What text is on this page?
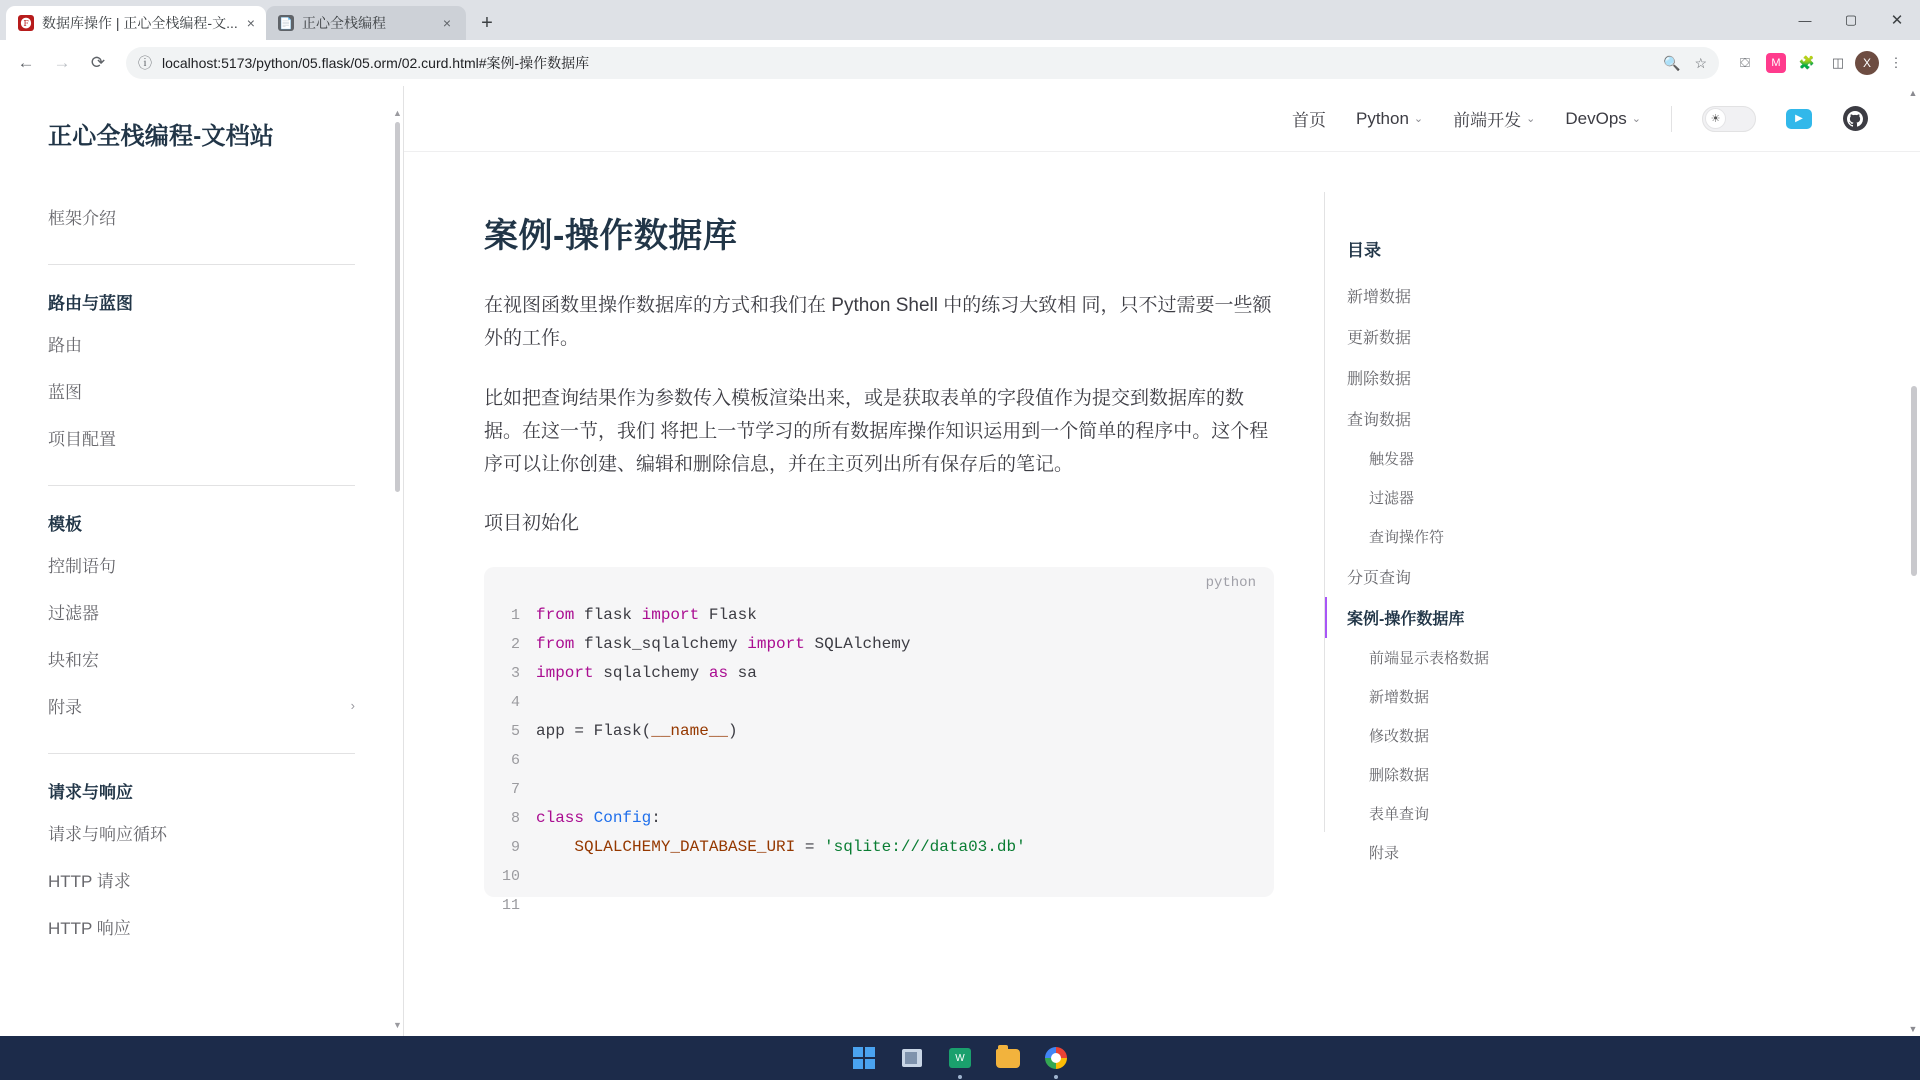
🅕 数据库操作 | 正心全栈编程-文... × 📄 正心全栈编程	×	+	—	▢	✕
←	→	⟳	ⓘ localhost:5173/python/05.flask/05.orm/02.curd.html#案例-操作数据库	🔍 ☆	⛋	M	🧩	◫	X	⋮
正心全栈编程-文档站
框架介绍
路由与蓝图
路由
蓝图
项目配置
模板
控制语句
过滤器
块和宏
附录	›
请求与响应
请求与响应循环
HTTP 请求
HTTP 响应
▲
▼
首页 Python ⌄ 前端开发 ⌄ DevOps ⌄	☀	▶
案例-操作数据库

在视图函数里操作数据库的方式和我们在 Python Shell 中的练习大致相 同，只不过需要一些额外的工作。

比如把查询结果作为参数传入模板渲染出来，或是获取表单的字段值作为提交到数据库的数据。在这一节，我们 将把上一节学习的所有数据库操作知识运用到一个简单的程序中。这个程序可以让你创建、编辑和删除信息，并在主页列出所有保存后的笔记。

项目初始化

python
1	from flask import Flask
2	from flask_sqlalchemy import SQLAlchemy
3	import sqlalchemy as sa
4

5	app = Flask(__name__)
6

7

8	class Config:
9	SQLALCHEMY_DATABASE_URI = 'sqlite:///data03.db'
10

11

目录
新增数据
更新数据
删除数据
查询数据
触发器
过滤器
查询操作符
分页查询
案例-操作数据库
前端显示表格数据
新增数据
修改数据
删除数据
表单查询
附录
▲
▼
W
